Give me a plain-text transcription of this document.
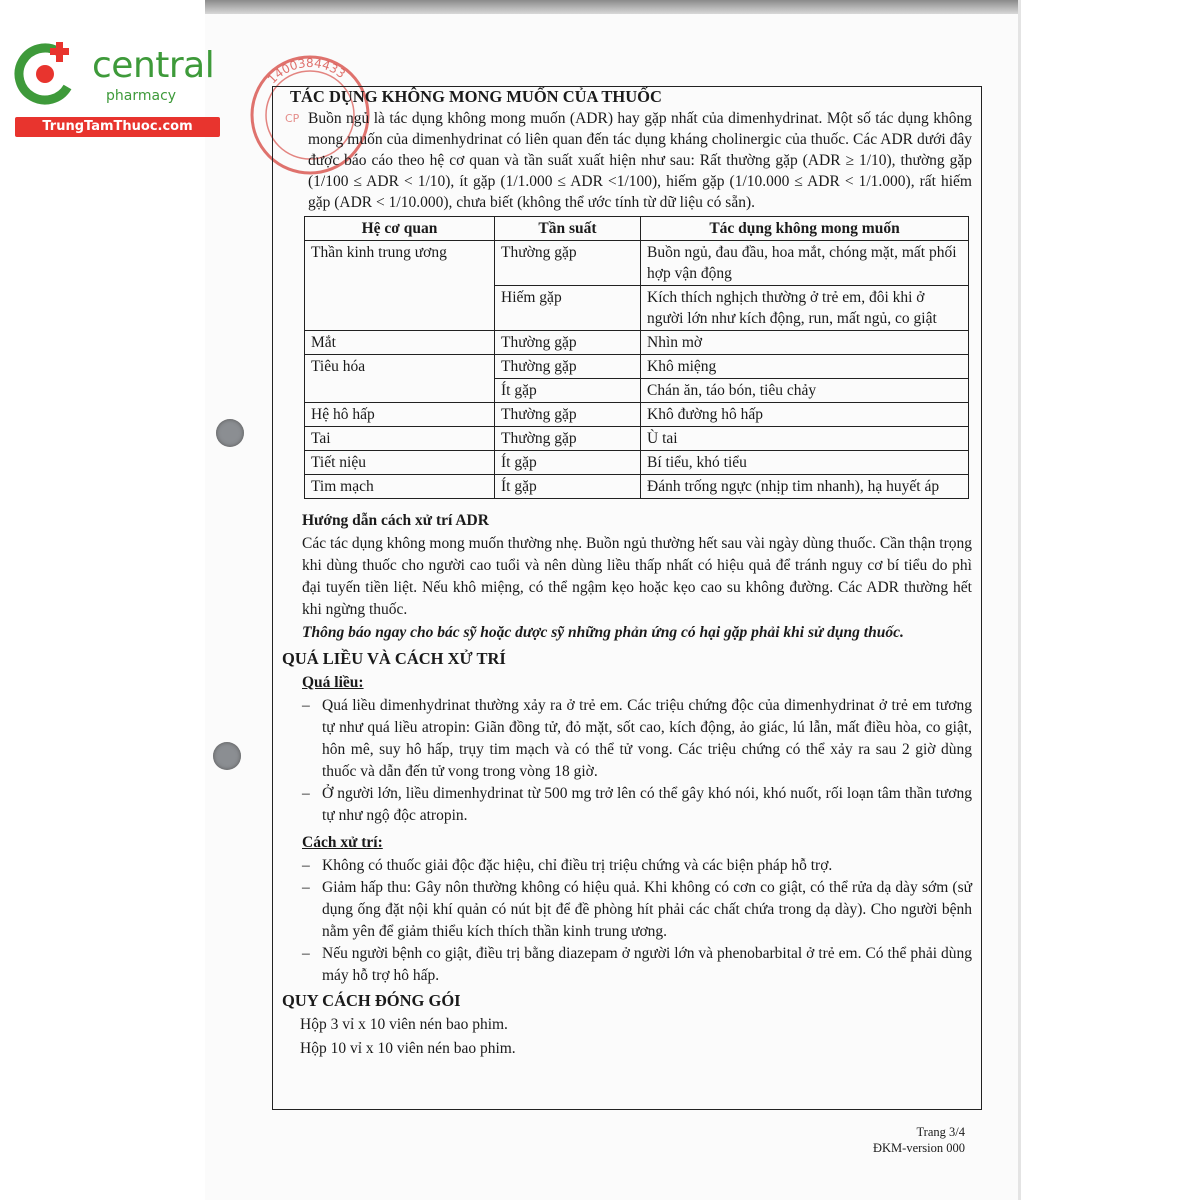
central
pharmacy
TrungTamThuoc.com
1400384433
CP
TÁC DỤNG KHÔNG MONG MUỐN CỦA THUỐC
Buồn ngủ là tác dụng không mong muốn (ADR) hay gặp nhất của dimenhydrinat. Một số tác dụng không mong muốn của dimenhydrinat có liên quan đến tác dụng kháng cholinergic của thuốc. Các ADR dưới đây được báo cáo theo hệ cơ quan và tần suất xuất hiện như sau: Rất thường gặp (ADR ≥ 1/10), thường gặp (1/100 ≤ ADR < 1/10), ít gặp (1/1.000 ≤ ADR <1/100), hiếm gặp (1/10.000 ≤ ADR < 1/1.000), rất hiếm gặp (ADR < 1/10.000), chưa biết (không thể ước tính từ dữ liệu có sẵn).
Hệ cơ quan	Tần suất	Tác dụng không mong muốn
Thần kinh trung ương	Thường gặp	Buồn ngủ, đau đầu, hoa mắt, chóng mặt, mất phối hợp vận động
	Hiếm gặp	Kích thích nghịch thường ở trẻ em, đôi khi ở người lớn như kích động, run, mất ngủ, co giật
Mắt	Thường gặp	Nhìn mờ
Tiêu hóa	Thường gặp	Khô miệng
	Ít gặp	Chán ăn, táo bón, tiêu chảy
Hệ hô hấp	Thường gặp	Khô đường hô hấp
Tai	Thường gặp	Ù tai
Tiết niệu	Ít gặp	Bí tiểu, khó tiểu
Tim mạch	Ít gặp	Đánh trống ngực (nhịp tim nhanh), hạ huyết áp
Hướng dẫn cách xử trí ADR
Các tác dụng không mong muốn thường nhẹ. Buồn ngủ thường hết sau vài ngày dùng thuốc. Cần thận trọng khi dùng thuốc cho người cao tuổi và nên dùng liều thấp nhất có hiệu quả để tránh nguy cơ bí tiểu do phì đại tuyến tiền liệt. Nếu khô miệng, có thể ngậm kẹo hoặc kẹo cao su không đường. Các ADR thường hết khi ngừng thuốc.
Thông báo ngay cho bác sỹ hoặc dược sỹ những phản ứng có hại gặp phải khi sử dụng thuốc.
QUÁ LIỀU VÀ CÁCH XỬ TRÍ
Quá liều:
– Quá liều dimenhydrinat thường xảy ra ở trẻ em. Các triệu chứng độc của dimenhydrinat ở trẻ em tương tự như quá liều atropin: Giãn đồng tử, đỏ mặt, sốt cao, kích động, ảo giác, lú lẫn, mất điều hòa, co giật, hôn mê, suy hô hấp, trụy tim mạch và có thể tử vong. Các triệu chứng có thể xảy ra sau 2 giờ dùng thuốc và dẫn đến tử vong trong vòng 18 giờ.
– Ở người lớn, liều dimenhydrinat từ 500 mg trở lên có thể gây khó nói, khó nuốt, rối loạn tâm thần tương tự như ngộ độc atropin.
Cách xử trí:
– Không có thuốc giải độc đặc hiệu, chỉ điều trị triệu chứng và các biện pháp hỗ trợ.
– Giảm hấp thu: Gây nôn thường không có hiệu quả. Khi không có cơn co giật, có thể rửa dạ dày sớm (sử dụng ống đặt nội khí quản có nút bịt để đề phòng hít phải các chất chứa trong dạ dày). Cho người bệnh nằm yên để giảm thiểu kích thích thần kinh trung ương.
– Nếu người bệnh co giật, điều trị bằng diazepam ở người lớn và phenobarbital ở trẻ em. Có thể phải dùng máy hỗ trợ hô hấp.
QUY CÁCH ĐÓNG GÓI
Hộp 3 vỉ x 10 viên nén bao phim.
Hộp 10 vỉ x 10 viên nén bao phim.
Trang 3/4
ĐKM-version 000
